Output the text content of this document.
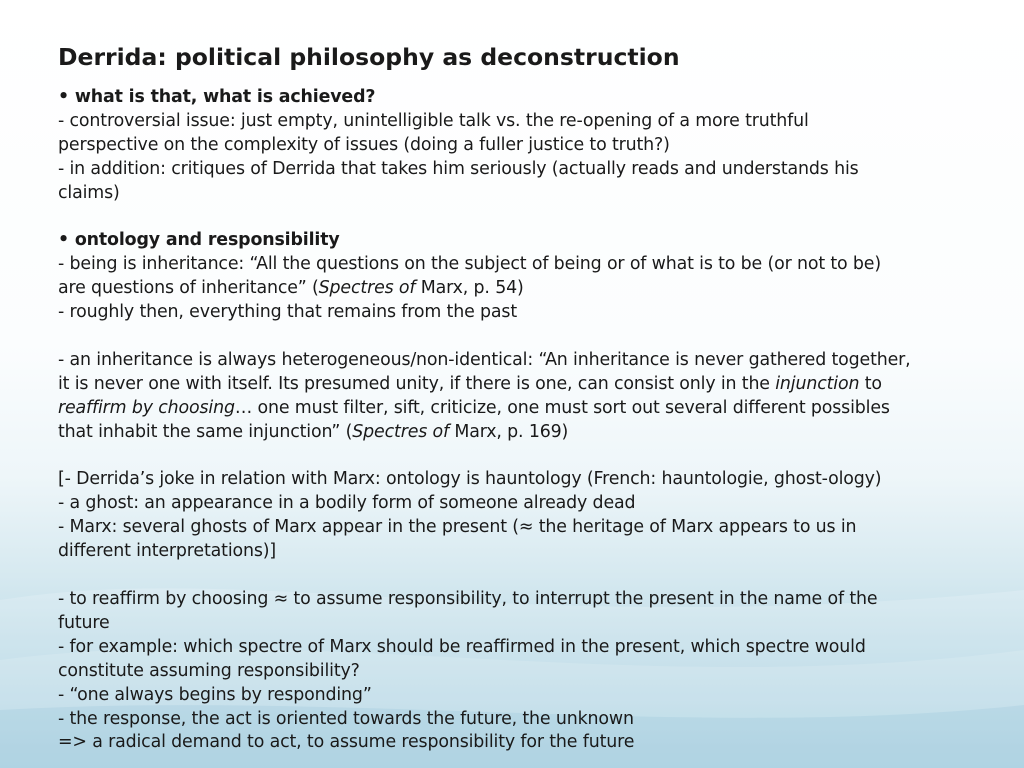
Derrida: political philosophy as deconstruction
• what is that, what is achieved?
- controversial issue: just empty, unintelligible talk vs. the re-opening of a more truthful
perspective on the complexity of issues (doing a fuller justice to truth?)
- in addition: critiques of Derrida that takes him seriously (actually reads and understands his
claims)
• ontology and responsibility
- being is inheritance: “All the questions on the subject of being or of what is to be (or not to be)
are questions of inheritance” (Spectres of Marx, p. 54)
- roughly then, everything that remains from the past
- an inheritance is always heterogeneous/non-identical: “An inheritance is never gathered together,
it is never one with itself. Its presumed unity, if there is one, can consist only in the injunction to
reaffirm by choosing… one must filter, sift, criticize, one must sort out several different possibles
that inhabit the same injunction” (Spectres of Marx, p. 169)
[- Derrida’s joke in relation with Marx: ontology is hauntology (French: hauntologie, ghost-ology)
- a ghost: an appearance in a bodily form of someone already dead
- Marx: several ghosts of Marx appear in the present (≈ the heritage of Marx appears to us in
different interpretations)]
- to reaffirm by choosing ≈ to assume responsibility, to interrupt the present in the name of the
future
- for example: which spectre of Marx should be reaffirmed in the present, which spectre would
constitute assuming responsibility?
- “one always begins by responding”
- the response, the act is oriented towards the future, the unknown
=> a radical demand to act, to assume responsibility for the future
